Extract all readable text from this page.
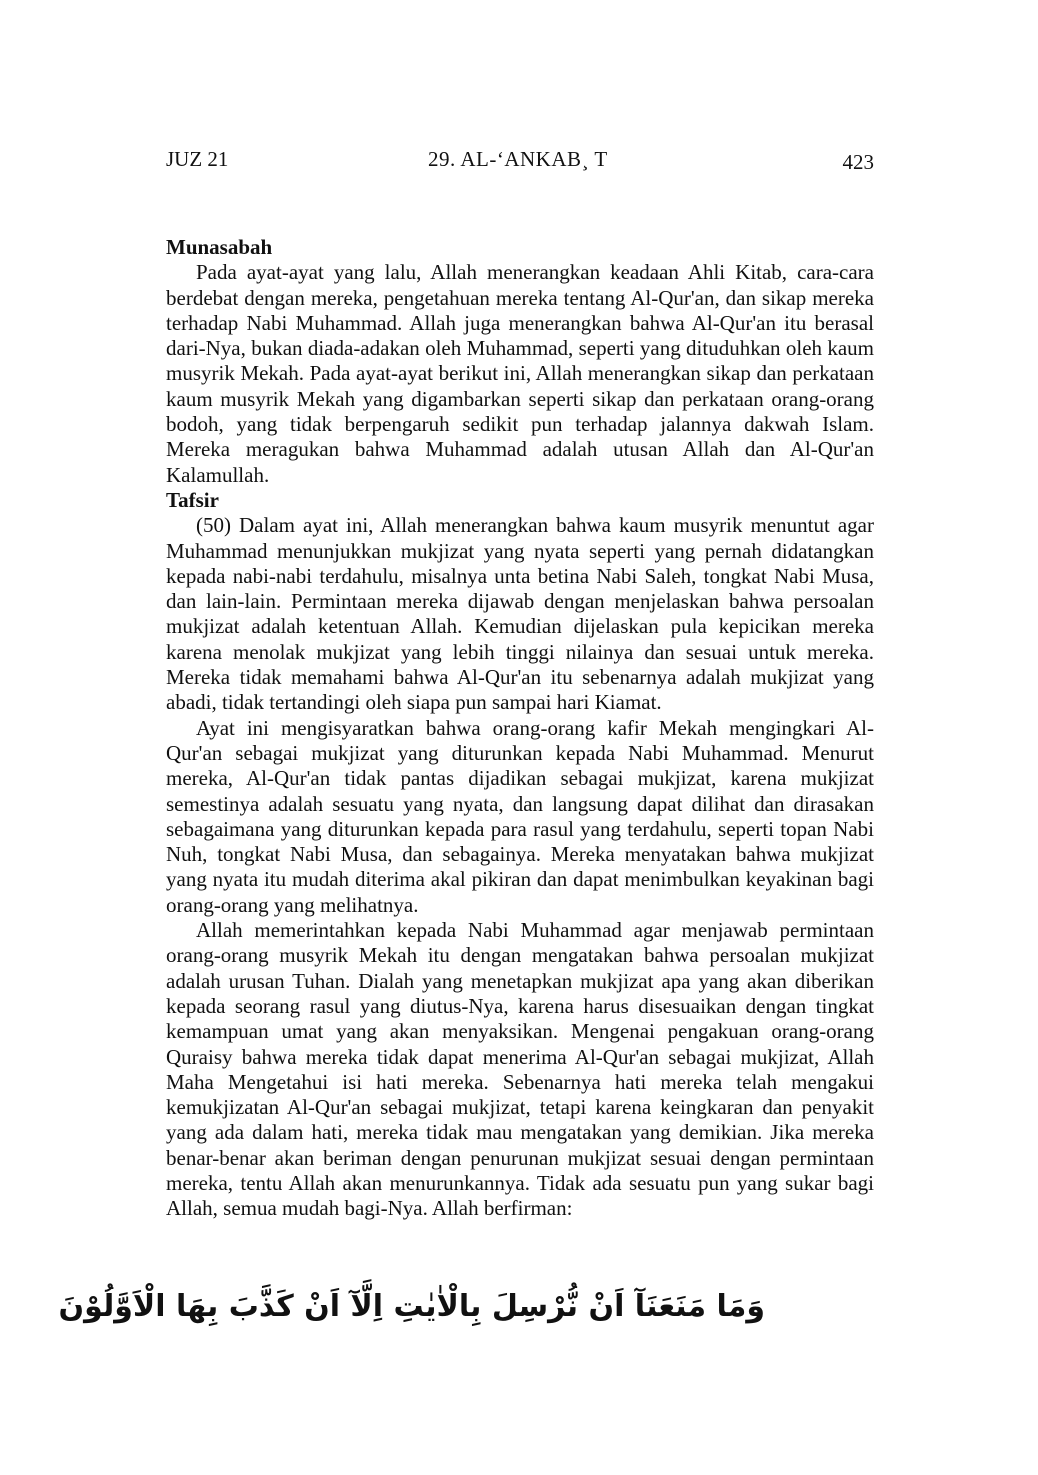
JUZ 21	29. AL-‘ANKAB¸ T	423
Munasabah

Pada ayat-ayat yang lalu, Allah menerangkan keadaan Ahli Kitab, cara-cara berdebat dengan mereka, pengetahuan mereka tentang Al-Qur'an, dan sikap mereka terhadap Nabi Muhammad. Allah juga menerangkan bahwa Al-Qur'an itu berasal dari-Nya, bukan diada-adakan oleh Muhammad, seperti yang dituduhkan oleh kaum musyrik Mekah. Pada ayat-ayat berikut ini, Allah menerangkan sikap dan perkataan kaum musyrik Mekah yang digambarkan seperti sikap dan perkataan orang-orang bodoh, yang tidak berpengaruh sedikit pun terhadap jalannya dakwah Islam. Mereka meragukan bahwa Muhammad adalah utusan Allah dan Al-Qur'an Kalamullah.

Tafsir

(50) Dalam ayat ini, Allah menerangkan bahwa kaum musyrik menuntut agar Muhammad menunjukkan mukjizat yang nyata seperti yang pernah didatangkan kepada nabi-nabi terdahulu, misalnya unta betina Nabi Saleh, tongkat Nabi Musa, dan lain-lain. Permintaan mereka dijawab dengan menjelaskan bahwa persoalan mukjizat adalah ketentuan Allah. Kemudian dijelaskan pula kepicikan mereka karena menolak mukjizat yang lebih tinggi nilainya dan sesuai untuk mereka. Mereka tidak memahami bahwa Al-Qur'an itu sebenarnya adalah mukjizat yang abadi, tidak tertandingi oleh siapa pun sampai hari Kiamat.

Ayat ini mengisyaratkan bahwa orang-orang kafir Mekah mengingkari Al-Qur'an sebagai mukjizat yang diturunkan kepada Nabi Muhammad. Menurut mereka, Al-Qur'an tidak pantas dijadikan sebagai mukjizat, karena mukjizat semestinya adalah sesuatu yang nyata, dan langsung dapat dilihat dan dirasakan sebagaimana yang diturunkan kepada para rasul yang terdahulu, seperti topan Nabi Nuh, tongkat Nabi Musa, dan sebagainya. Mereka menyatakan bahwa mukjizat yang nyata itu mudah diterima akal pikiran dan dapat menimbulkan keyakinan bagi orang-orang yang melihatnya.

Allah memerintahkan kepada Nabi Muhammad agar menjawab permintaan orang-orang musyrik Mekah itu dengan mengatakan bahwa persoalan mukjizat adalah urusan Tuhan. Dialah yang menetapkan mukjizat apa yang akan diberikan kepada seorang rasul yang diutus-Nya, karena harus disesuaikan dengan tingkat kemampuan umat yang akan menyaksikan. Mengenai pengakuan orang-orang Quraisy bahwa mereka tidak dapat menerima Al-Qur'an sebagai mukjizat, Allah Maha Mengetahui isi hati mereka. Sebenarnya hati mereka telah mengakui kemukjizatan Al-Qur'an sebagai mukjizat, tetapi karena keingkaran dan penyakit yang ada dalam hati, mereka tidak mau mengatakan yang demikian. Jika mereka benar-benar akan beriman dengan penurunan mukjizat sesuai dengan permintaan mereka, tentu Allah akan menurunkannya. Tidak ada sesuatu pun yang sukar bagi Allah, semua mudah bagi-Nya. Allah berfirman:

وَمَا مَنَعَنَآ اَنْ نُّرْسِلَ بِالْاٰيٰتِ اِلَّآ اَنْ كَذَّبَ بِهَا الْاَوَّلُوْنَ
